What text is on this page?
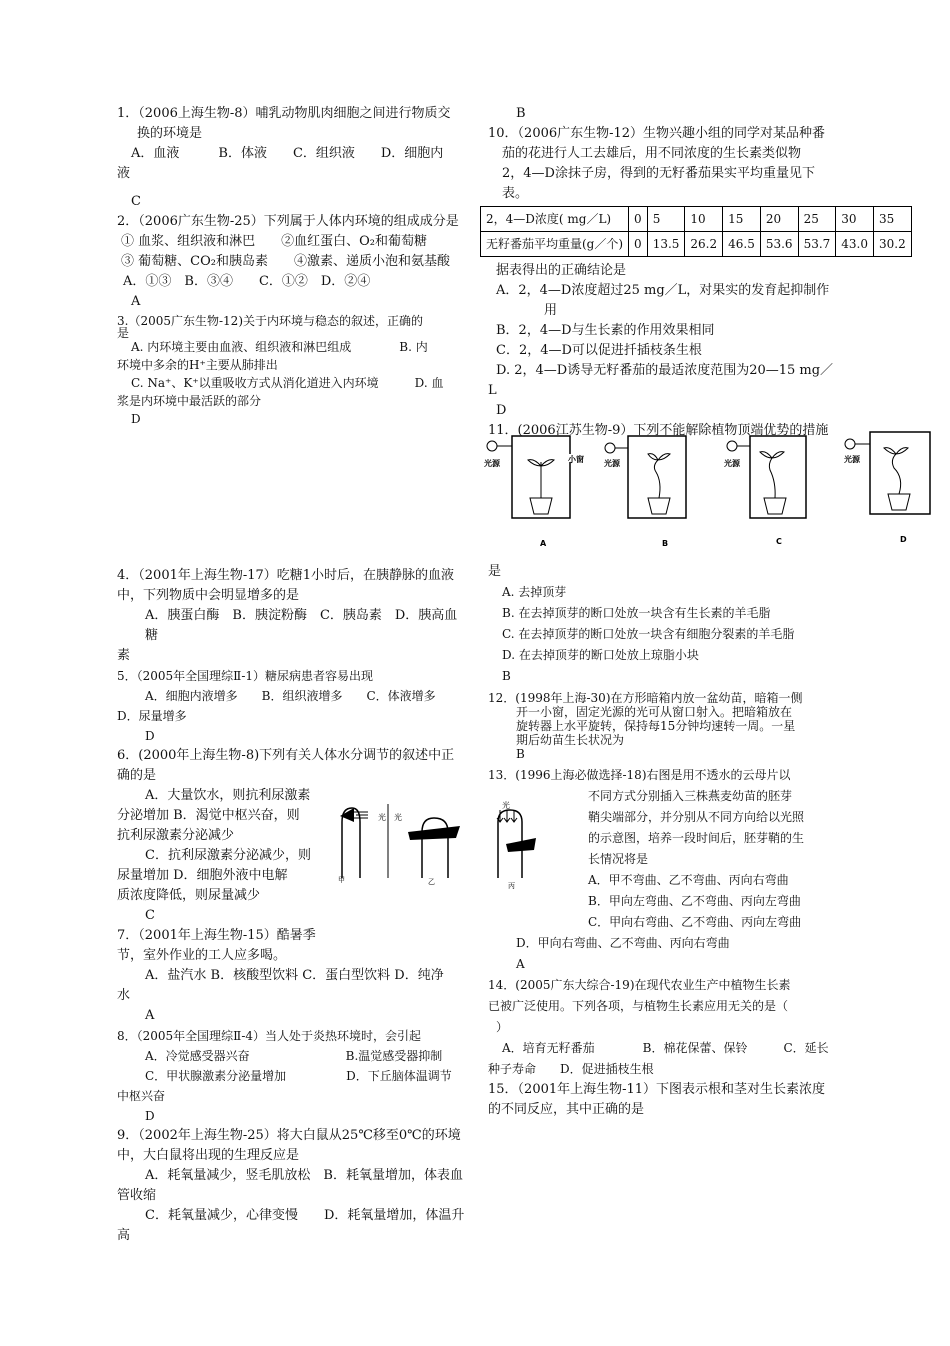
1．（2006上海生物-8）哺乳动物肌肉细胞之间进行物质交

换的环境是

A．血液　　　B．体液　　C．组织液　　D．细胞内

液

C

2．（2006广东生物-25）下列属于人体内环境的组成成分是

① 血浆、组织液和淋巴　　②血红蛋白、O₂和葡萄糖

③ 葡萄糖、CO₂和胰岛素　　④激素、递质小泡和氨基酸

A．①③　B．③④　　C．①②　D．②④

A

3.（2005广东生物-12)关于内环境与稳态的叙述，正确的

是

A. 内环境主要由血液、组织液和淋巴组成　　　　B. 内

环境中多余的H⁺主要从肺排出

C. Na⁺、K⁺以重吸收方式从消化道进入内环境　　　D. 血

浆是内环境中最活跃的部分

D

4．（2001年上海生物-17）吃糖1小时后，在胰静脉的血液

中，下列物质中会明显增多的是

A．胰蛋白酶　B．胰淀粉酶　C．胰岛素　D．胰高血糖

素

5．（2005年全国理综Ⅱ-1）糖尿病患者容易出现

A．细胞内液增多　　B．组织液增多　　C．体液增多

D．尿量增多

D

6．(2000年上海生物-8)下列有关人体水分调节的叙述中正

确的是

A．大量饮水，则抗利尿激素

分泌增加 B．渴觉中枢兴奋，则

抗利尿激素分泌减少

C．抗利尿激素分泌减少，则

尿量增加 D．细胞外液中电解

质浓度降低，则尿量减少

C

7．（2001年上海生物-15）酷暑季

节，室外作业的工人应多喝。

A．盐汽水 B．核酸型饮料 C．蛋白型饮料 D．纯净

水

A

8．（2005年全国理综Ⅱ-4）当人处于炎热环境时，会引起

A．冷觉感受器兴奋　　　　　　　　B.温觉感受器抑制

C．甲状腺激素分泌量增加　　　　　D．下丘脑体温调节

中枢兴奋

D

9．（2002年上海生物-25）将大白鼠从25℃移至0℃的环境

中，大白鼠将出现的生理反应是

A．耗氧量减少，竖毛肌放松　B．耗氧量增加，体表血

管收缩

C．耗氧量减少，心律变慢　　D．耗氧量增加，体温升

高

光
甲
光
乙	丙
光

B

10．（2006广东生物-12）生物兴趣小组的同学对某品种番

茄的花进行人工去雄后，用不同浓度的生长素类似物

2，4—D涂抹子房，得到的无籽番茄果实平均重量见下表。

2，4—D浓度( mg／L)	0	5	10	15	20	25	30	35
无籽番茄平均重量(g／个)	0	13.5	26.2	46.5	53.6	53.7	43.0	30.2

据表得出的正确结论是

A．2，4—D浓度超过25 mg／L，对果实的发育起抑制作

用

B．2，4—D与生长素的作用效果相同

C．2，4—D可以促进扦插枝条生根

D. 2，4—D诱导无籽番茄的最适浓度范围为20—15 mg／

L

D

11．(2006江苏生物-9）下列不能解除植物顶端优势的措施

光源	小窗
A
光源
B
光源
C
光源
D

是

A. 去掉顶芽

B. 在去掉顶芽的断口处放一块含有生长素的羊毛脂

C. 在去掉顶芽的断口处放一块含有细胞分裂素的羊毛脂

D. 在去掉顶芽的断口处放上琼脂小块

B

12．(1998年上海-30)在方形暗箱内放一盆幼苗，暗箱一侧

开一小窗，固定光源的光可从窗口射入。把暗箱放在

旋转器上水平旋转，保持每15分钟均速转一周。一星

期后幼苗生长状况为

B

13．(1996上海必做选择-18)右图是用不透水的云母片以

不同方式分别插入三株燕麦幼苗的胚芽

鞘尖端部分，并分别从不同方向给以光照

的示意图，培养一段时间后，胚芽鞘的生

长情况将是

A．甲不弯曲、乙不弯曲、丙向右弯曲

B．甲向左弯曲、乙不弯曲、丙向左弯曲

C．甲向右弯曲、乙不弯曲、丙向左弯曲

D．甲向右弯曲、乙不弯曲、丙向右弯曲

A

14．(2005广东大综合-19)在现代农业生产中植物生长素

已被广泛使用。下列各项，与植物生长素应用无关的是（

）

A．培育无籽番茄　　　　B．棉花保蕾、保铃　　　C．延长

种子寿命　　D．促进插枝生根

15．（2001年上海生物-11）下图表示根和茎对生长素浓度

的不同反应，其中正确的是
